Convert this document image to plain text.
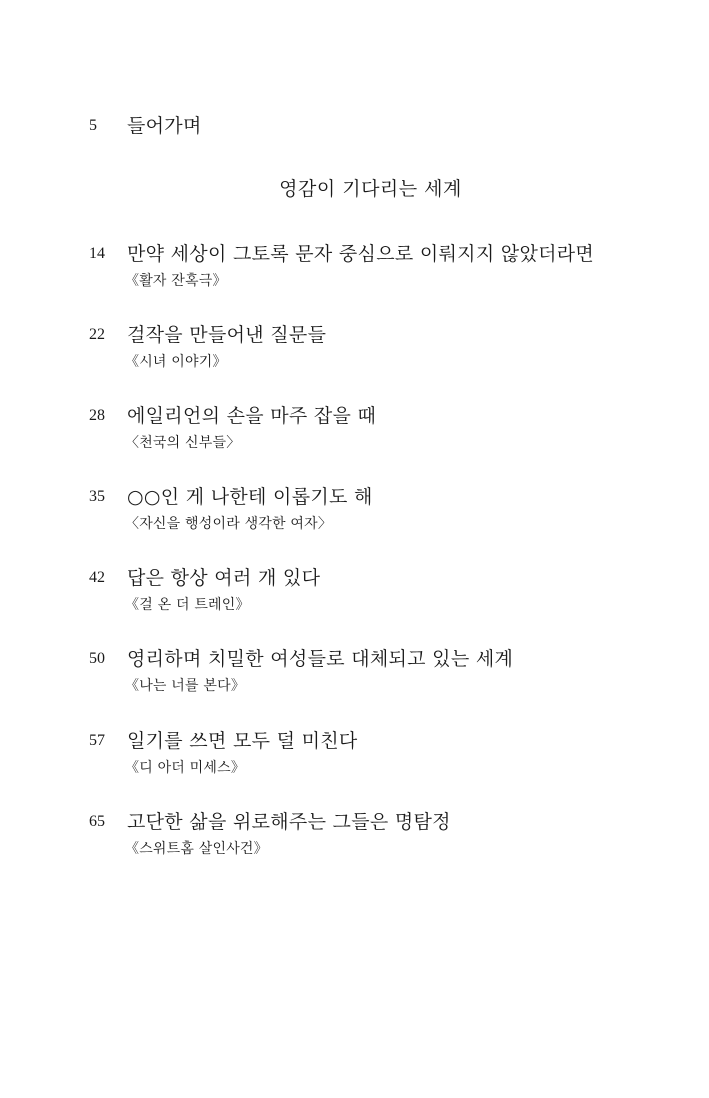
5 들어가며
영감이 기다리는 세계
14 만약 세상이 그토록 문자 중심으로 이뤄지지 않았더라면
《활자 잔혹극》
22 걸작을 만들어낸 질문들
《시녀 이야기》
28 에일리언의 손을 마주 잡을 때
〈천국의 신부들〉
35 ○○인 게 나한테 이롭기도 해
〈자신을 행성이라 생각한 여자〉
42 답은 항상 여러 개 있다
《걸 온 더 트레인》
50 영리하며 치밀한 여성들로 대체되고 있는 세계
《나는 너를 본다》
57 일기를 쓰면 모두 덜 미친다
《디 아더 미세스》
65 고단한 삶을 위로해주는 그들은 명탐정
《스위트홈 살인사건》
